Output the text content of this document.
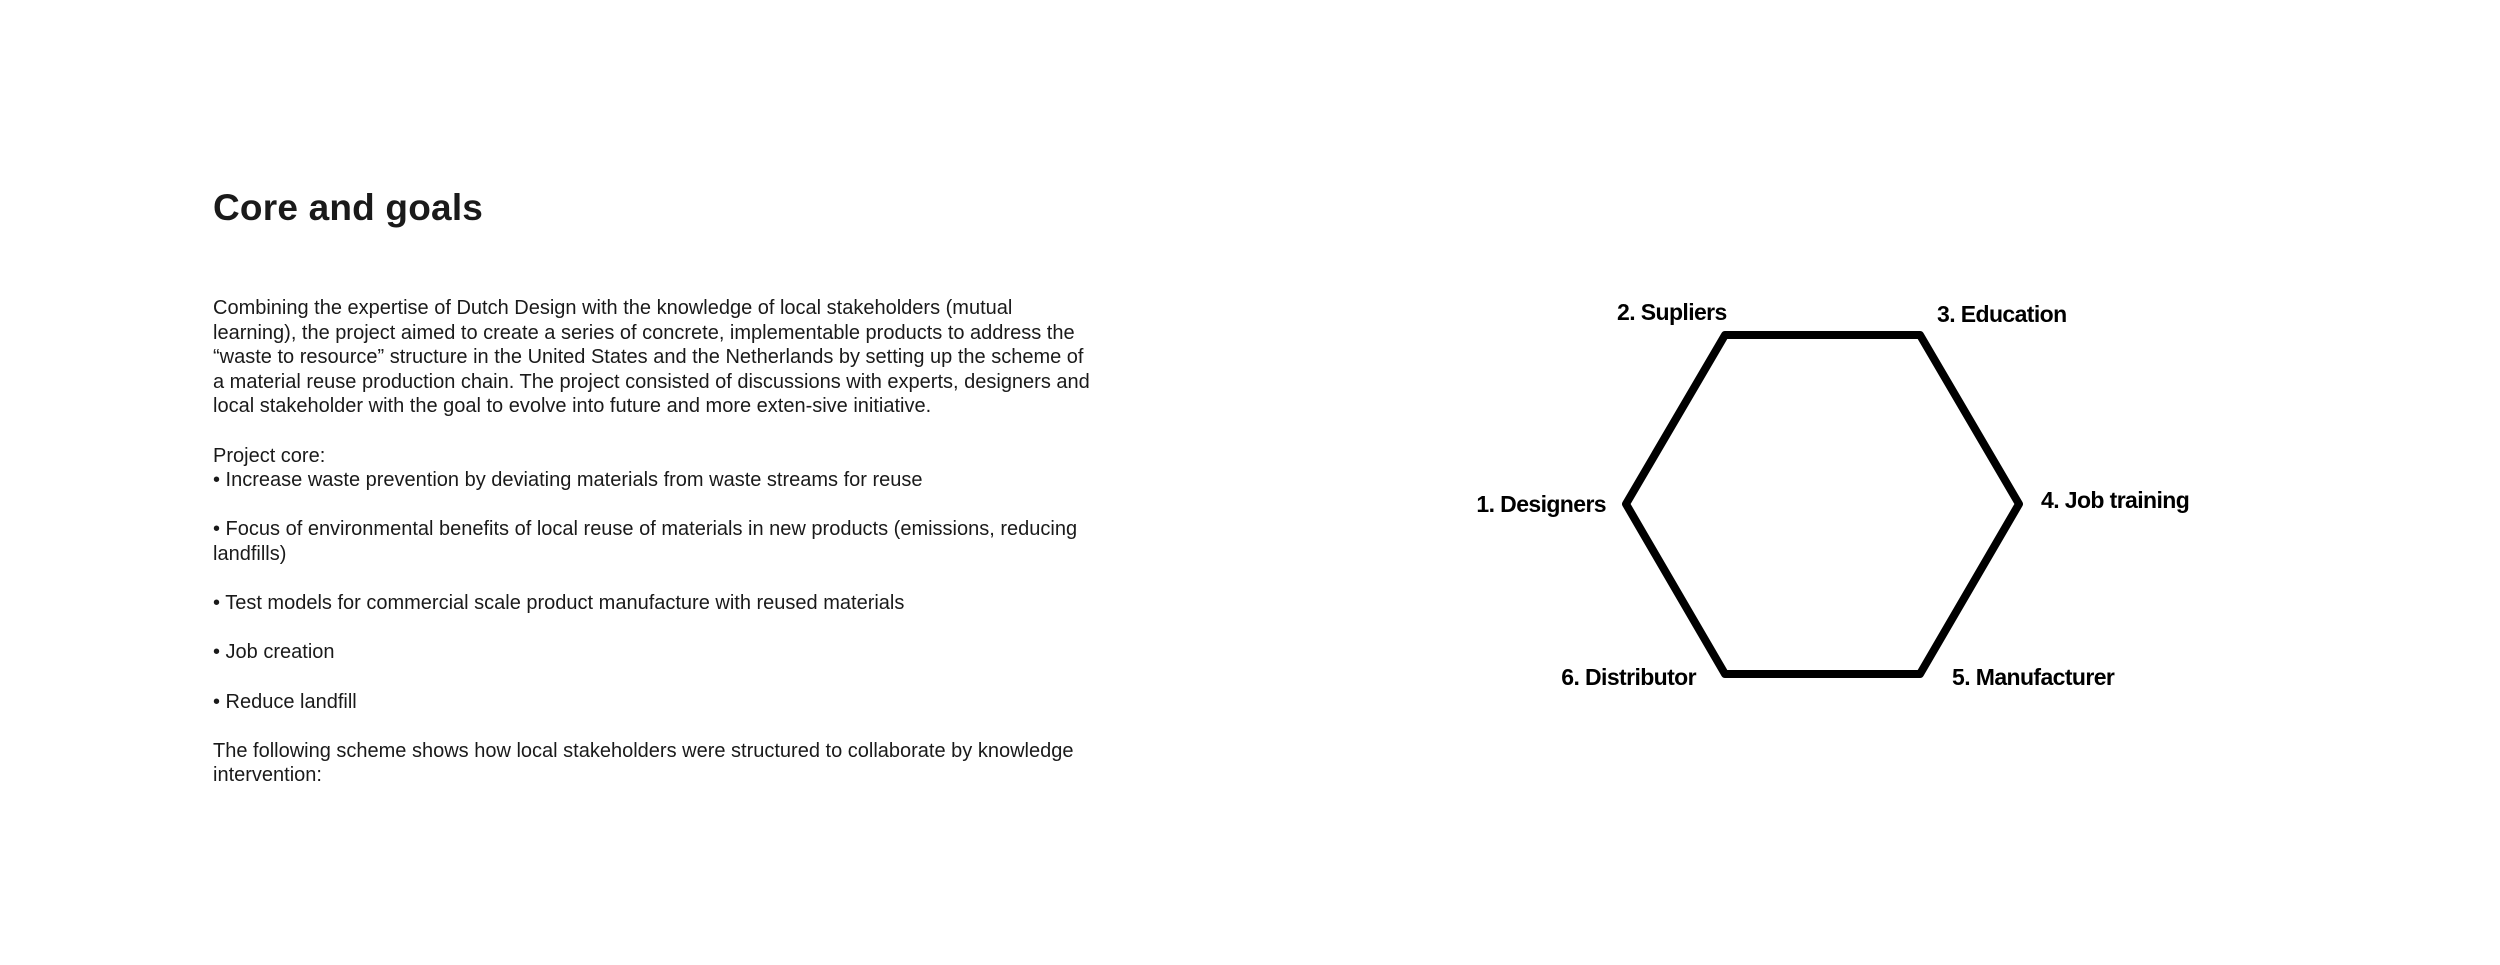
Core and goals

Combining the expertise of Dutch Design with the knowledge of local stakeholders (mutual learning), the project aimed to create a series of concrete, implementable products to address the “waste to resource” structure in the United States and the Netherlands by setting up the scheme of a material reuse production chain. The project consisted of discussions with experts, designers and local stakeholder with the goal to evolve into future and more exten-sive initiative.

Project core:

• Increase waste prevention by deviating materials from waste streams for reuse

• Focus of environmental benefits of local reuse of materials in new products (emissions, reducing landfills)

• Test models for commercial scale product manufacture with reused materials

• Job creation

• Reduce landfill

The following scheme shows how local stakeholders were structured to collaborate by knowledge intervention:

1. Designers
2. Supliers	3. Education
4. Job training
5. Manufacturer
6. Distributor
